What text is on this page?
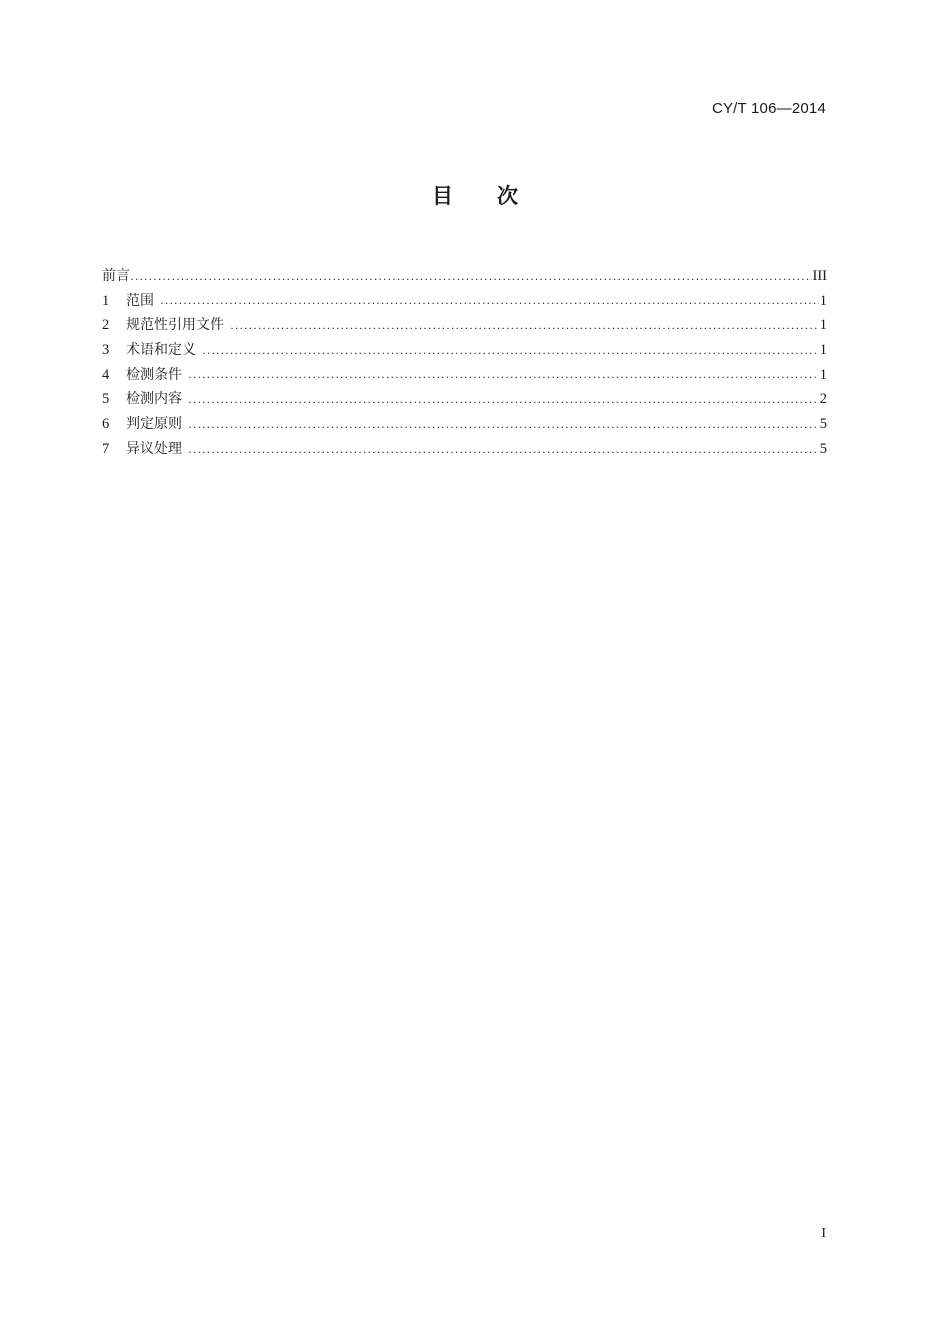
CY/T 106—2014
目 次
前言 ·····	III
1	范围 ·····	1
2	规范性引用文件 ·····	1
3	术语和定义 ·····	1
4	检测条件 ·····	1
5	检测内容 ·····	2
6	判定原则 ·····	5
7	异议处理 ·····	5
I
